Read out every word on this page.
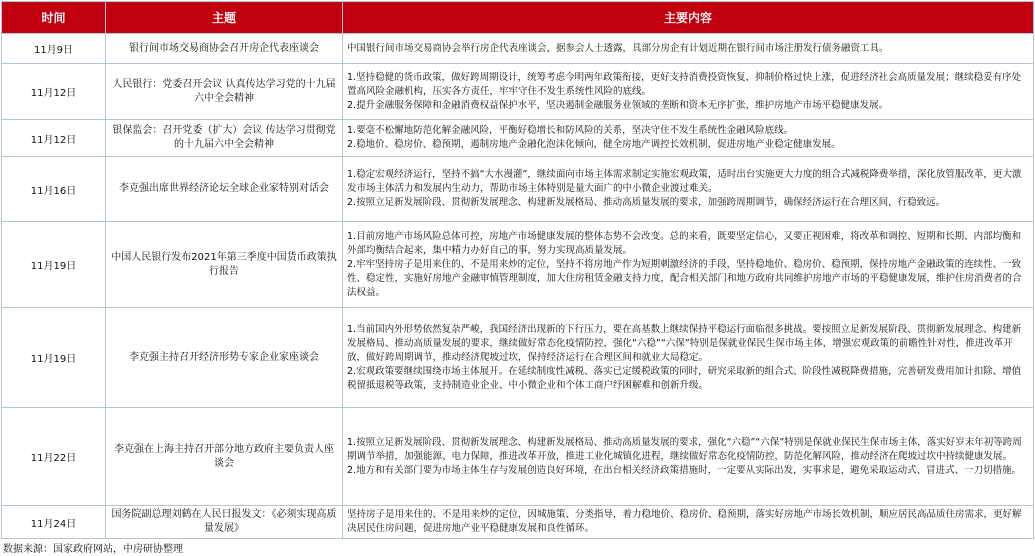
时间	主题	主要内容
11月9日	银行间市场交易商协会召开房企代表座谈会	中国银行间市场交易商协会举行房企代表座谈会，据参会人士透露，具部分房企有计划近期在银行间市场注册发行债务融资工具。

11月12日	人民银行：党委召开会议 认真传达学习党的十九届六中全会精神	1.坚持稳健的货币政策，做好跨周期设计，统筹考虑今明两年政策衔接，更好支持消费投资恢复，抑制价格过快上涨，促进经济社会高质量发展；继续稳妥有序处置高风险金融机构，压实各方责任，牢牢守住不发生系统性风险的底线。
2.提升金融服务保障和金融消费权益保护水平，坚决遏制金融服务业领域的垄断和资本无序扩张，维护房地产市场平稳健康发展。

11月12日	银保监会：召开党委（扩大）会议 传达学习贯彻党的十九届六中全会精神	1.要毫不松懈地防范化解金融风险，平衡好稳增长和防风险的关系，坚决守住不发生系统性金融风险底线。
2.稳地价、稳房价、稳预期，遏制房地产金融化泡沫化倾向，健全房地产调控长效机制，促进房地产业稳定健康发展。

11月16日	李克强出席世界经济论坛全球企业家特别对话会	1.稳定宏观经济运行，坚持不搞“大水漫灌”，继续面向市场主体需求制定实施宏观政策，适时出台实施更大力度的组合式减税降费举措，深化放管服改革，更大激发市场主体活力和发展内生动力，帮助市场主体特别是量大面广的中小微企业渡过难关。
2.按照立足新发展阶段、贯彻新发展理念、构建新发展格局、推动高质量发展的要求，加强跨周期调节，确保经济运行在合理区间，行稳致远。

11月19日	中国人民银行发布2021年第三季度中国货币政策执行报告	1.目前房地产市场风险总体可控，房地产市场健康发展的整体态势不会改变。总的来看，既要坚定信心，又要正视困难，将改革和调控、短期和长期、内部均衡和外部均衡结合起来，集中精力办好自己的事，努力实现高质量发展。
2.牢牢坚持房子是用来住的、不是用来炒的定位，坚持不将房地产作为短期刺激经济的手段，坚持稳地价、稳房价、稳预期，保持房地产金融政策的连续性、一致性、稳定性，实施好房地产金融审慎管理制度，加大住房租赁金融支持力度，配合相关部门和地方政府共同维护房地产市场的平稳健康发展，维护住房消费者的合法权益。

11月19日	李克强主持召开经济形势专家企业家座谈会	1.当前国内外形势依然复杂严峻，我国经济出现新的下行压力，要在高基数上继续保持平稳运行面临很多挑战。要按照立足新发展阶段、贯彻新发展理念、构建新发展格局、推动高质量发展的要求，继续做好常态化疫情防控，强化“六稳”“六保”特别是保就业保民生保市场主体，增强宏观政策的前瞻性针对性，推进改革开放，做好跨周期调节，推动经济爬坡过坎，保持经济运行在合理区间和就业大局稳定。
2.宏观政策要继续围绕市场主体展开。在延续制度性减税、落实已定缓税政策的同时，研究采取新的组合式、阶段性减税降费措施，完善研发费用加计扣除、增值税留抵退税等政策，支持制造业企业、中小微企业和个体工商户纾困解难和创新升级。

11月22日	李克强在上海主持召开部分地方政府主要负责人座谈会	1.按照立足新发展阶段、贯彻新发展理念、构建新发展格局、推动高质量发展的要求，强化“六稳”“六保”特别是保就业保民生保市场主体，落实好岁末年初等跨周期调节举措，加强能源、电力保障，推进改革开放，推进工业化城镇化进程，继续做好常态化疫情防控，防范化解风险，推动经济在爬坡过坎中持续健康发展。
2.地方和有关部门要为市场主体生存与发展创造良好环境，在出台相关经济政策措施时，一定要从实际出发，实事求是，避免采取运动式、冒进式、一刀切措施。

11月24日	国务院副总理刘鹤在人民日报发文：《必须实现高质量发展》	坚持房子是用来住的、不是用来炒的定位，因城施策、分类指导，着力稳地价、稳房价、稳预期，落实好房地产市场长效机制，顺应居民高品质住房需求，更好解决居民住房问题，促进房地产业平稳健康发展和良性循环。
数据来源：国家政府网站，中房研协整理
